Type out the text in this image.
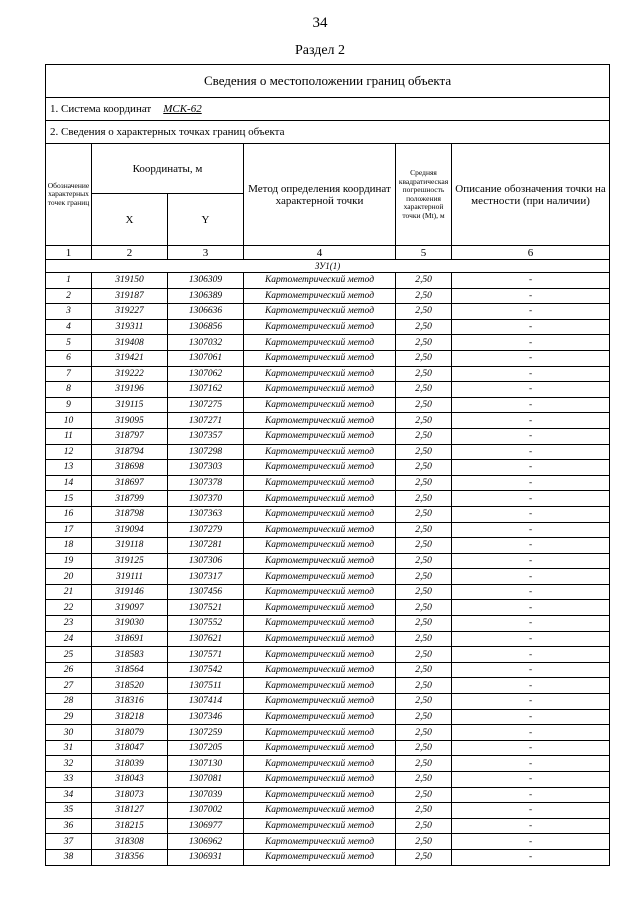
34
Раздел 2
Сведения о местоположении границ объекта					
1. Система координат МСК-62					
2. Сведения о характерных точках границ объекта					
Обозначение характерных точек границ	Координаты, м		Метод определения координат характерной точки	Средняя квадратическая погрешность положения характерной точки (Mt), м	Описание обозначения точки на местности (при наличии)
	X	Y			
1	2	3	4	5	6
ЗУ1(1)					
1	319150	1306309	Картометрический метод	2,50	-
2	319187	1306389	Картометрический метод	2,50	-
3	319227	1306636	Картометрический метод	2,50	-
4	319311	1306856	Картометрический метод	2,50	-
5	319408	1307032	Картометрический метод	2,50	-
6	319421	1307061	Картометрический метод	2,50	-
7	319222	1307062	Картометрический метод	2,50	-
8	319196	1307162	Картометрический метод	2,50	-
9	319115	1307275	Картометрический метод	2,50	-
10	319095	1307271	Картометрический метод	2,50	-
11	318797	1307357	Картометрический метод	2,50	-
12	318794	1307298	Картометрический метод	2,50	-
13	318698	1307303	Картометрический метод	2,50	-
14	318697	1307378	Картометрический метод	2,50	-
15	318799	1307370	Картометрический метод	2,50	-
16	318798	1307363	Картометрический метод	2,50	-
17	319094	1307279	Картометрический метод	2,50	-
18	319118	1307281	Картометрический метод	2,50	-
19	319125	1307306	Картометрический метод	2,50	-
20	319111	1307317	Картометрический метод	2,50	-
21	319146	1307456	Картометрический метод	2,50	-
22	319097	1307521	Картометрический метод	2,50	-
23	319030	1307552	Картометрический метод	2,50	-
24	318691	1307621	Картометрический метод	2,50	-
25	318583	1307571	Картометрический метод	2,50	-
26	318564	1307542	Картометрический метод	2,50	-
27	318520	1307511	Картометрический метод	2,50	-
28	318316	1307414	Картометрический метод	2,50	-
29	318218	1307346	Картометрический метод	2,50	-
30	318079	1307259	Картометрический метод	2,50	-
31	318047	1307205	Картометрический метод	2,50	-
32	318039	1307130	Картометрический метод	2,50	-
33	318043	1307081	Картометрический метод	2,50	-
34	318073	1307039	Картометрический метод	2,50	-
35	318127	1307002	Картометрический метод	2,50	-
36	318215	1306977	Картометрический метод	2,50	-
37	318308	1306962	Картометрический метод	2,50	-
38	318356	1306931	Картометрический метод	2,50	-
